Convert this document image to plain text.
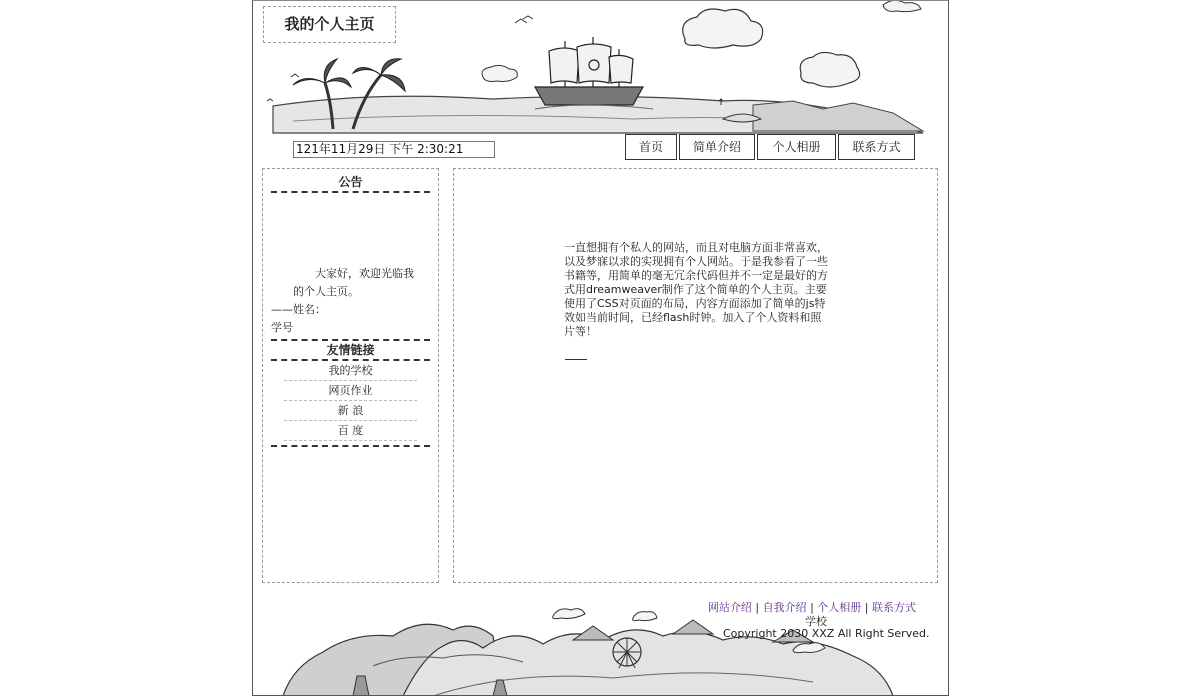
我的个人主页
121年11月29日 下午 2:30:21	首页	简单介绍	个人相册	联系方式
公告
大家好，欢迎光临我的个人主页。
——姓名：
学号
友情链接
我的学校
网页作业
新 浪
百 度
一直想拥有个私人的网站，而且对电脑方面非常喜欢，以及梦寐以求的实现拥有个人网站。于是我参看了一些书籍等，用简单的毫无冗余代码但并不一定是最好的方式用dreamweaver制作了这个简单的个人主页。主要使用了CSS对页面的布局，内容方面添加了简单的js特效如当前时间，已经flash时钟。加入了个人资料和照片等！
网站介绍 | 自我介绍 | 个人相册 | 联系方式
学校
Copyright 2030 XXZ All Right Served.
